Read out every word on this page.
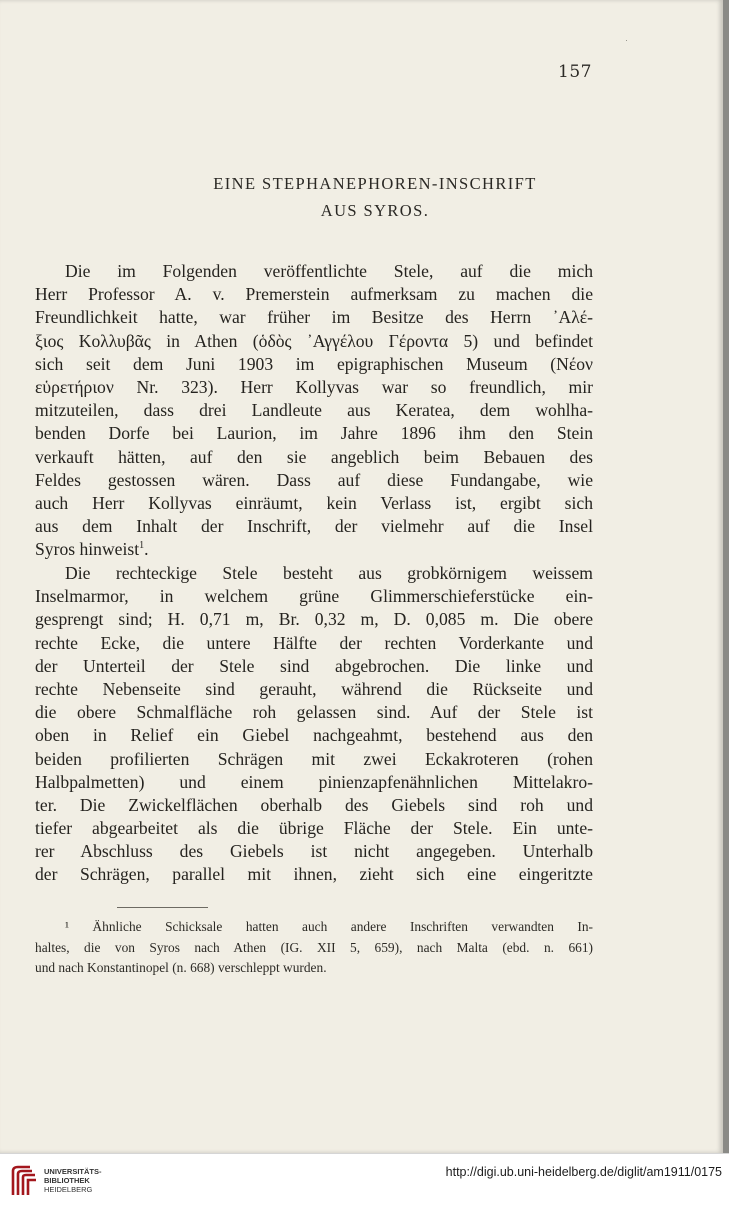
157
EINE STEPHANEPHOREN-INSCHRIFT
AUS SYROS.
Die im Folgenden veröffentlichte Stele, auf die mich
Herr Professor A. v. Premerstein aufmerksam zu machen die
Freundlichkeit hatte, war früher im Besitze des Herrn ᾽Αλέ-
ξιος Κολλυβᾶς in Athen (ὁδὸς ᾽Αγγέλου Γέροντα 5) und befindet
sich seit dem Juni 1903 im epigraphischen Museum (Νέον
εὑρετήριον Nr. 323). Herr Kollyvas war so freundlich, mir
mitzuteilen, dass drei Landleute aus Keratea, dem wohlha-
benden Dorfe bei Laurion, im Jahre 1896 ihm den Stein
verkauft hätten, auf den sie angeblich beim Bebauen des
Feldes gestossen wären. Dass auf diese Fundangabe, wie
auch Herr Kollyvas einräumt, kein Verlass ist, ergibt sich
aus dem Inhalt der Inschrift, der vielmehr auf die Insel
Syros hinweist$^1$.
Die rechteckige Stele besteht aus grobkörnigem weissem
Inselmarmor, in welchem grüne Glimmerschieferstücke ein-
gesprengt sind; H. 0,71 m, Br. 0,32 m, D. 0,085 m. Die obere
rechte Ecke, die untere Hälfte der rechten Vorderkante und
der Unterteil der Stele sind abgebrochen. Die linke und
rechte Nebenseite sind gerauht, während die Rückseite und
die obere Schmalfläche roh gelassen sind. Auf der Stele ist
oben in Relief ein Giebel nachgeahmt, bestehend aus den
beiden profilierten Schrägen mit zwei Eckakroteren (rohen
Halbpalmetten) und einem pinienzapfenähnlichen Mittelakro-
ter. Die Zwickelflächen oberhalb des Giebels sind roh und
tiefer abgearbeitet als die übrige Fläche der Stele. Ein unte-
rer Abschluss des Giebels ist nicht angegeben. Unterhalb
der Schrägen, parallel mit ihnen, zieht sich eine eingeritzte
¹ Ähnliche Schicksale hatten auch andere Inschriften verwandten In-
haltes, die von Syros nach Athen (IG. XII 5, 659), nach Malta (ebd. n. 661)
und nach Konstantinopel (n. 668) verschleppt wurden.
UNIVERSITÄTS-
BIBLIOTHEK
HEIDELBERG
http://digi.ub.uni-heidelberg.de/diglit/am1911/0175
